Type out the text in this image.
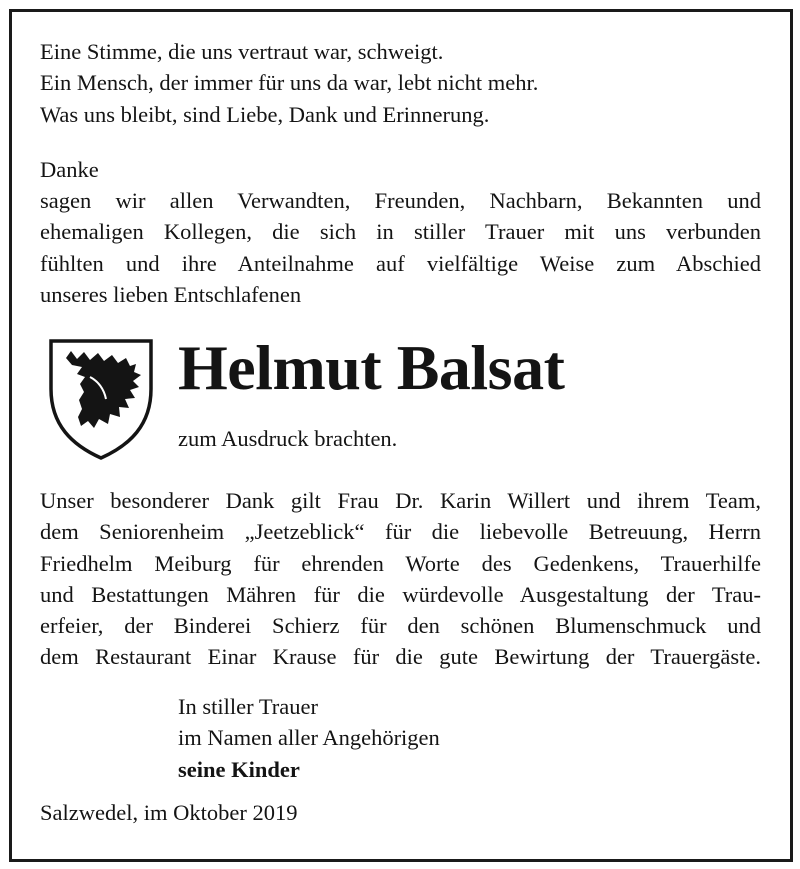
Eine Stimme, die uns vertraut war, schweigt.
Ein Mensch, der immer für uns da war, lebt nicht mehr.
Was uns bleibt, sind Liebe, Dank und Erinnerung.
Danke
sagen wir allen Verwandten, Freunden, Nachbarn, Bekannten und
ehemaligen Kollegen, die sich in stiller Trauer mit uns verbunden
fühlten und ihre Anteilnahme auf vielfältige Weise zum Abschied
unseres lieben Entschlafenen
Helmut Balsat
zum Ausdruck brachten.
Unser besonderer Dank gilt Frau Dr. Karin Willert und ihrem Team,
dem Seniorenheim „Jeetzeblick“ für die liebevolle Betreuung, Herrn
Friedhelm Meiburg für ehrenden Worte des Gedenkens, Trauerhilfe
und Bestattungen Mähren für die würdevolle Ausgestaltung der Trau-
erfeier, der Binderei Schierz für den schönen Blumenschmuck und
dem Restaurant Einar Krause für die gute Bewirtung der Trauergäste.
In stiller Trauer
im Namen aller Angehörigen
seine Kinder
Salzwedel, im Oktober 2019
